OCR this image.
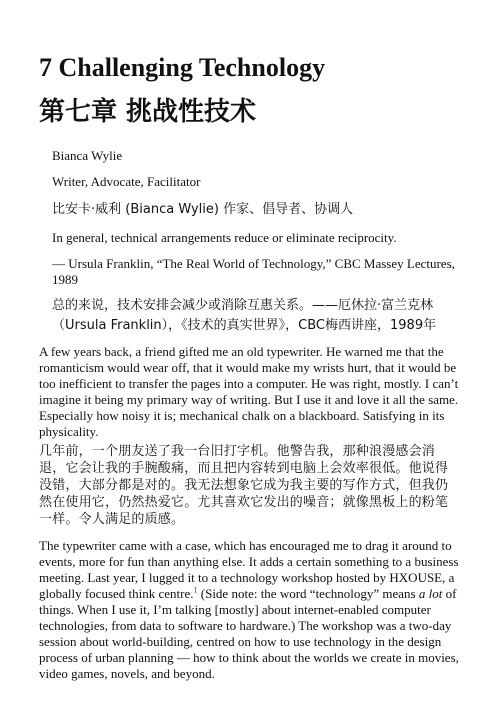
7 Challenging Technology
第七章 挑战性技术
Bianca Wylie
Writer, Advocate, Facilitator
比安卡·威利 (Bianca Wylie) 作家、倡导者、协调人
In general, technical arrangements reduce or eliminate reciprocity.
— Ursula Franklin, “The Real World of Technology,” CBC Massey Lectures, 1989
总的来说，技术安排会减少或消除互惠关系。——厄休拉·富兰克林（Ursula Franklin），《技术的真实世界》，CBC梅西讲座，1989年

A few years back, a friend gifted me an old typewriter. He warned me that the romanticism would wear off, that it would make my wrists hurt, that it would be too inefficient to transfer the pages into a computer. He was right, mostly. I can’t imagine it being my primary way of writing. But I use it and love it all the same. Especially how noisy it is; mechanical chalk on a blackboard. Satisfying in its physicality.

几年前，一个朋友送了我一台旧打字机。他警告我，那种浪漫感会消退，它会让我的手腕酸痛，而且把内容转到电脑上会效率很低。他说得没错，大部分都是对的。我无法想象它成为我主要的写作方式，但我仍然在使用它，仍然热爱它。尤其喜欢它发出的噪音；就像黑板上的粉笔一样。令人满足的质感。

The typewriter came with a case, which has encouraged me to drag it around to events, more for fun than anything else. It adds a certain something to a business meeting. Last year, I lugged it to a technology workshop hosted by HXOUSE, a globally focused think centre.$^1$ (Side note: the word “technology” means a lot of things. When I use it, I’m talking [mostly] about internet-enabled computer technologies, from data to software to hardware.) The workshop was a two-day session about world-building, centred on how to use technology in the design process of urban planning — how to think about the worlds we create in movies, video games, novels, and beyond.
